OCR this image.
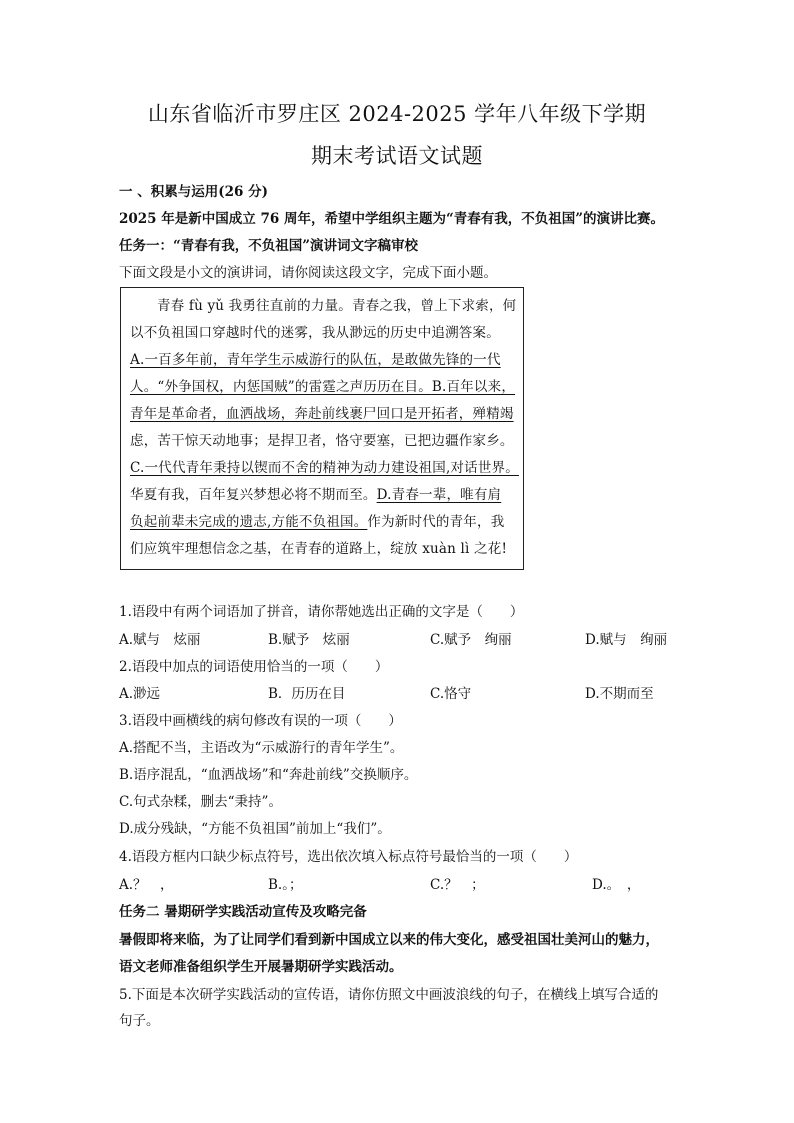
山东省临沂市罗庄区 2024-2025 学年八年级下学期
期末考试语文试题
一 、积累与运用(26 分)
2025 年是新中国成立 76 周年，希望中学组织主题为“青春有我，不负祖国”的演讲比赛。
任务一：“青春有我，不负祖国”演讲词文字稿审校
下面文段是小文的演讲词，请你阅读这段文字，完成下面小题。
青春 fù yǔ 我勇往直前的力量。青春之我，曾上下求索，何
以不负祖国口穿越时代的迷雾，我从渺远的历史中追溯答案。
A.一百多年前，青年学生示威游行的队伍，是敢做先锋的一代
人。“外争国权，内惩国贼”的雷霆之声历历在目。B.百年以来，
青年是革命者，血洒战场，奔赴前线裹尸回口是开拓者，殚精竭
虑，苦干惊天动地事；是捍卫者，恪守要塞，已把边疆作家乡。
C.一代代青年秉持以锲而不舍的精神为动力建设祖国,对话世界。
华夏有我，百年复兴梦想必将不期而至。D.青春一辈，唯有肩
负起前辈未完成的遗志,方能不负祖国。作为新时代的青年，我
们应筑牢理想信念之基，在青春的道路上，绽放 xuàn lì 之花!
1.语段中有两个词语加了拼音，请你帮她选出正确的文字是（　　）
A.赋与　炫丽	B.赋予　炫丽	C.赋予　绚丽	D.赋与　绚丽
2.语段中加点的词语使用恰当的一项（　　）
A.渺远	B．历历在目	C.恪守	D.不期而至
3.语段中画横线的病句修改有误的一项（　　）
A.搭配不当，主语改为“示威游行的青年学生”。
B.语序混乱，“血洒战场”和“奔赴前线”交换顺序。
C.句式杂糅，删去“秉持”。
D.成分残缺，“方能不负祖国”前加上“我们”。
4.语段方框内口缺少标点符号，选出依次填入标点符号最恰当的一项（　　）
A.？　，	B.。；	C.？　；	D.。　，
任务二 暑期研学实践活动宣传及攻略完备
暑假即将来临，为了让同学们看到新中国成立以来的伟大变化，感受祖国壮美河山的魅力，
语文老师准备组织学生开展暑期研学实践活动。
5.下面是本次研学实践活动的宣传语，请你仿照文中画波浪线的句子，在横线上填写合适的
句子。
